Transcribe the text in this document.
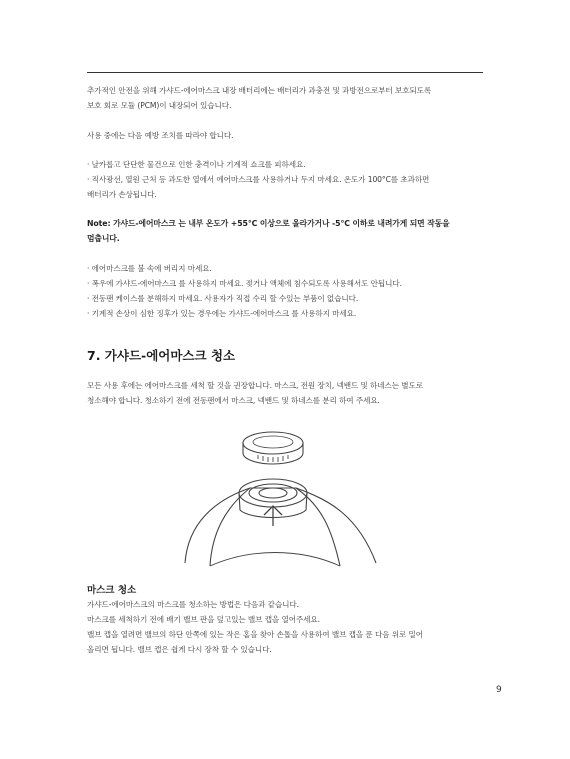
추가적인 안전을 위해 가샤드-에어마스크 내장 배터리에는 배터리가 과충전 및 과방전으로부터 보호되도록
보호 회로 모듈 (PCM)이 내장되어 있습니다.
사용 중에는 다음 예방 조치를 따라야 합니다.
· 날카롭고 단단한 물건으로 인한 충격이나 기계적 쇼크를 피하세요.
· 직사광선, 열원 근처 등 과도한 열에서 에어마스크를 사용하거나 두지 마세요. 온도가 100°C를 초과하면
배터리가 손상됩니다.
Note: 가샤드-에어마스크 는 내부 온도가 +55°C 이상으로 올라가거나 -5°C 이하로 내려가게 되면 작동을
멈춥니다.
· 에어마스크를 불 속에 버리지 마세요.
· 폭우에 가샤드-에어마스크 를 사용하지 마세요. 젖거나 액체에 침수되도록 사용해서도 안됩니다.
· 전동팬 케이스를 분해하지 마세요. 사용자가 직접 수리 할 수있는 부품이 없습니다.
· 기계적 손상이 심한 징후가 있는 경우에는 가샤드-에어마스크 를 사용하지 마세요.
7. 가샤드-에어마스크 청소
모든 사용 후에는 에어마스크를 세척 할 것을 권장합니다. 마스크, 전원 장치, 넥밴드 및 하네스는 별도로
청소해야 합니다. 청소하기 전에 전동팬에서 마스크, 넥밴드 및 하네스를 분리 하여 주세요.
마스크 청소
가샤드-에어마스크의 마스크를 청소하는 방법은 다음과 같습니다.
마스크를 세척하기 전에 배기 밸브 판을 덮고있는 밸브 캡을 열어주세요.
밸브 캡을 열려면 밸브의 하단 안쪽에 있는 작은 홈을 찾아 손톱을 사용하여 밸브 캡을 푼 다음 위로 밀어
올리면 됩니다. 밸브 캡은 쉽게 다시 장착 할 수 있습니다.
9
